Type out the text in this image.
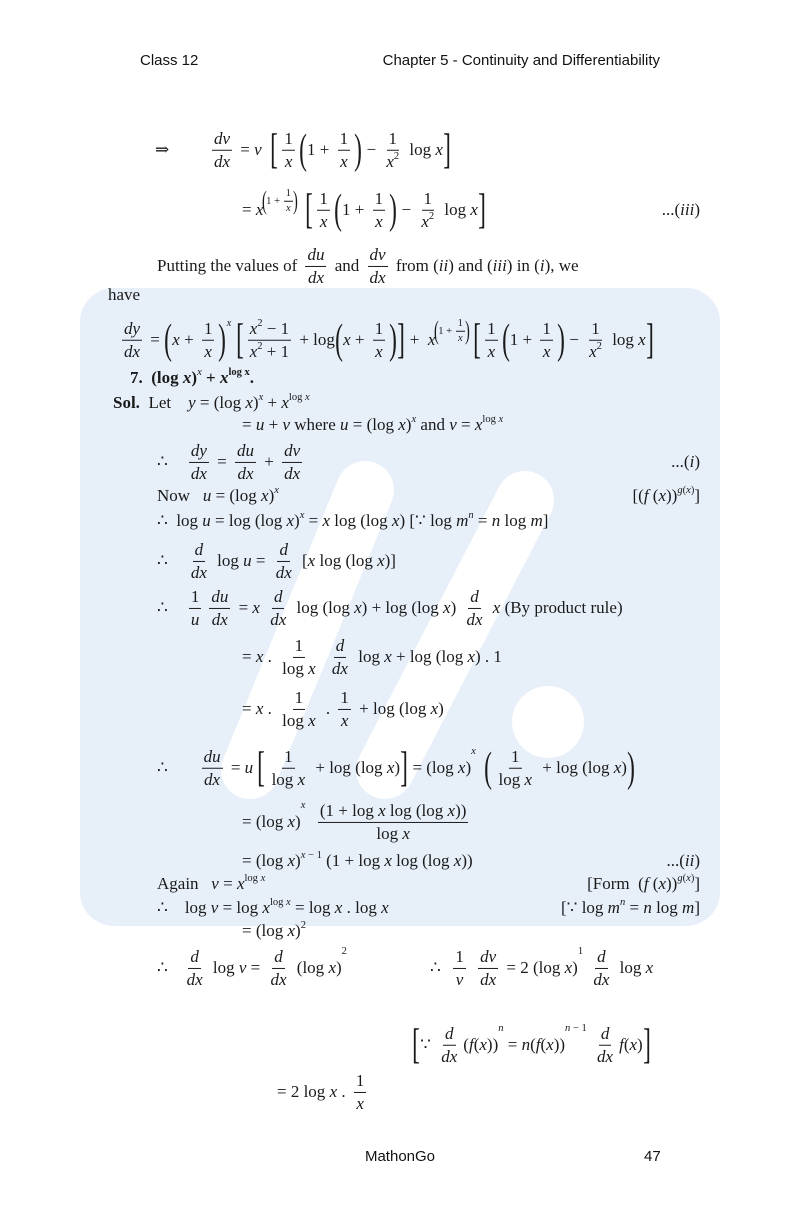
Class 12	Chapter 5 - Continuity and Differentiability
⇒	$\frac{dv}{dx} = v$
[ $\frac{1}{x}$ ( $1 + \frac{1}{x}$ ) − $\frac{1}{x 2}$ log x ]
= x
(
$1 + \frac{1}{x}$ )
[ $\frac{1}{x}$ ( $1 + \frac{1}{x}$ ) − $\frac{1}{x 2}$ log x ]	...( iii )
Putting the values of $\frac{du}{dx}$ and $\frac{dv}{dx}$ from ( ii ) and ( iii ) in ( i ), we
have
$\frac{dy}{dx}$ = ( $x + \frac{1}{x}$ ) x
[ $\frac{x 2 - 1}{x 2 + 1} + \log$ ( $x + \frac{1}{x}$ ) ] + x
(
$1 + \frac{1}{x}$ )
[ $\frac{1}{x}$ ( $1 + \frac{1}{x}$ ) − $\frac{1}{x 2}$ log x ]
7.  (log x ) x + x log x .
Sol. Let y = (log x ) x + x log x
= u + v where u = (log x ) x and v = x log x
∴ $\frac{dy}{dx} = \frac{du}{dx} + \frac{dv}{dx}$	...( i )
Now u = (log x ) x	[( f ( x )) g ( x ) ]
∴  log u = log (log x ) x = x log (log x ) [∵ log m n = n log m ]
∴ $\frac{d}{dx}$ $\log u = \frac{d}{dx}$ [ x log (log x )]
∴ $\frac{1}{u} \frac{du}{dx} = x$
$\frac{d}{dx}$ log (log x ) + log (log x ) $\frac{d}{dx}$
x (By product rule)
= x . $\frac{1}{\text{log x}}$
$\frac{d}{dx}$ log x + log (log x ) . 1
= x . $\frac{1}{\text{log x}}$ . $\frac{1}{x} + \log (\log$ x )
∴ $\frac{du}{dx} = u$
[ $\frac{1}{\text{log x}} + \log (\log$ x ) ] = (log x )
x
( $\frac{1}{\text{log x}} + \log (\log$ x ) )
= (log x )
x
$\frac{\text{(1 + log x log (log x ))}}{\text{log x}}$
= (log x ) x − 1 (1 + log x log (log x ))	...( ii )
Again v = x log x	[Form  ( f ( x )) g ( x ) ]
∴    log v = log x log x = log x . log x	[∵ log m n = n log m ]
= (log x ) 2
∴ $\frac{d}{dx}$ $\log v = \frac{d}{dx} (\log$ x )
2
∴ $\frac{1}{v}$
$\frac{dv}{dx} = 2$ (log x )
1
$\frac{d}{dx}$ log x
[ ∵ $\frac{d}{dx}$ ( f ( x ))
n
= n ( f ( x ))
n − 1
$\frac{d}{dx}$ f ( x ) ]
= 2 log x . $\frac{1}{x}$
MathonGo	47
